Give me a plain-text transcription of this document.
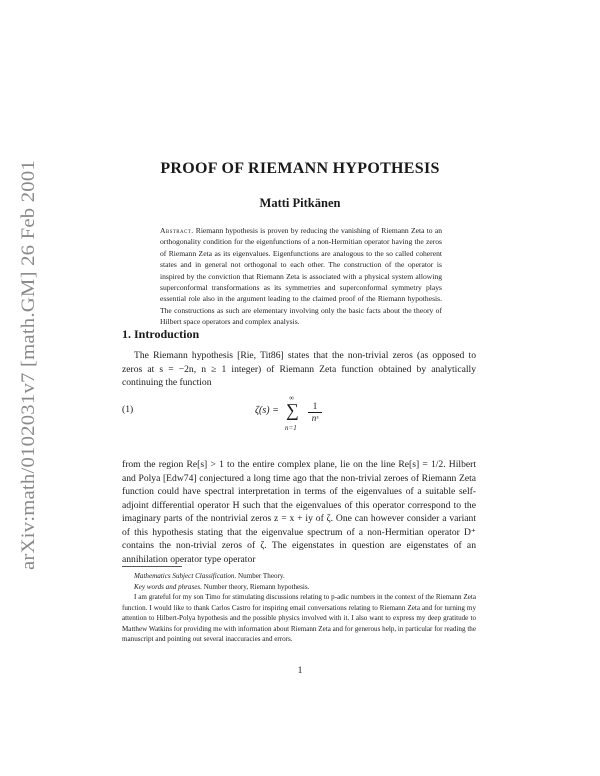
arXiv:math/0102031v7 [math.GM] 26 Feb 2001
PROOF OF RIEMANN HYPOTHESIS
Matti Pitkänen
Abstract. Riemann hypothesis is proven by reducing the vanishing of Riemann Zeta to an orthogonality condition for the eigenfunctions of a non-Hermitian operator having the zeros of Riemann Zeta as its eigenvalues. Eigenfunctions are analogous to the so called coherent states and in general not orthogonal to each other. The construction of the operator is inspired by the conviction that Riemann Zeta is associated with a physical system allowing superconformal transformations as its symmetries and superconformal symmetry plays essential role also in the argument leading to the claimed proof of the Riemann hypothesis. The constructions as such are elementary involving only the basic facts about the theory of Hilbert space operators and complex analysis.
1. Introduction
The Riemann hypothesis [Rie, Tit86] states that the non-trivial zeros (as opposed to zeros at s = −2n, n ≥ 1 integer) of Riemann Zeta function obtained by analytically continuing the function
(1)	ζ(s) =
∞
∑
n=1
$\frac{1}{\text{nˢ}}$
from the region Re[s] > 1 to the entire complex plane, lie on the line Re[s] = 1/2. Hilbert and Polya [Edw74] conjectured a long time ago that the non-trivial zeroes of Riemann Zeta function could have spectral interpretation in terms of the eigenvalues of a suitable self-adjoint differential operator H such that the eigenvalues of this operator correspond to the imaginary parts of the nontrivial zeros z = x + iy of ζ. One can however consider a variant of this hypothesis stating that the eigenvalue spectrum of a non-Hermitian operator D⁺ contains the non-trivial zeros of ζ. The eigenstates in question are eigenstates of an annihilation operator type operator

Mathematics Subject Classification. Number Theory.

Key words and phrases. Number theory, Riemann hypothesis.

I am grateful for my son Timo for stimulating discussions relating to p-adic numbers in the context of the Riemann Zeta function. I would like to thank Carlos Castro for inspiring email conversations relating to Riemann Zeta and for turning my attention to Hilbert-Polya hypothesis and the possible physics involved with it. I also want to express my deep gratitude to Matthew Watkins for providing me with information about Riemann Zeta and for generous help, in particular for reading the manuscript and pointing out several inaccuracies and errors.

1
